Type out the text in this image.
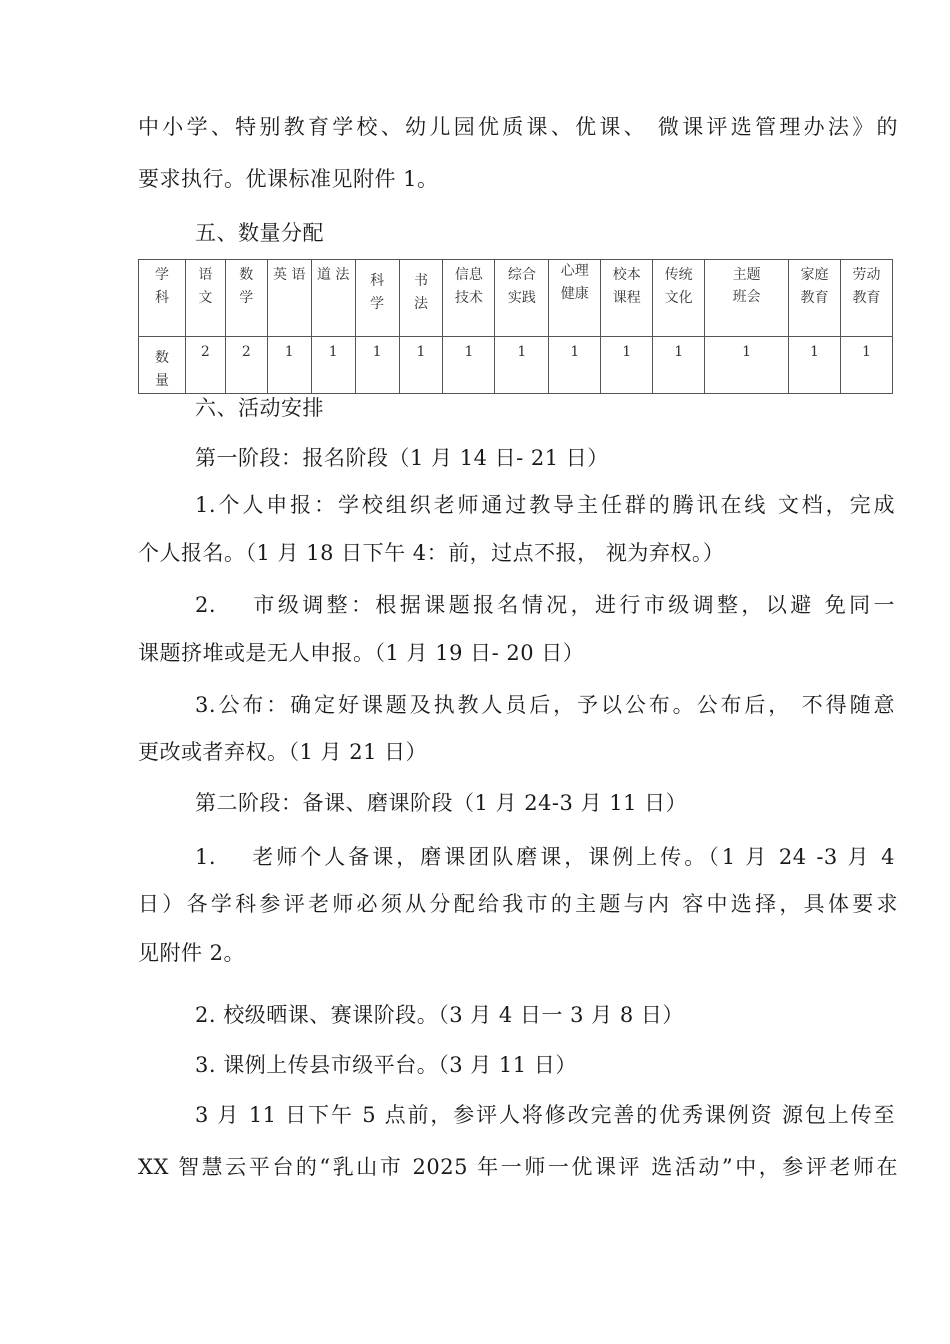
中小学、特别教育学校、幼儿园优质课、优课、 微课评选管理办法》的
要求执行。优课标准见附件 1。
五、数量分配
学科	语文	数学	英 语	道 法	科学	书法	信息技术	综合实践	心理健康	校本课程	传统文化	主题 班会	家庭教育	劳动教育
数量	2	2	1	1	1	1	1	1	1	1	1	1	1	1
六、活动安排
第一阶段：报名阶段（1 月 14 日- 21 日）
1.个人申报：学校组织老师通过教导主任群的腾讯在线 文档，完成
个人报名。（1 月 18 日下午 4：前，过点不报， 视为弃权。）
2.　 市级调整：根据课题报名情况，进行市级调整，以避 免同一
课题挤堆或是无人申报。（1 月 19 日- 20 日）
3.公布：确定好课题及执教人员后，予以公布。公布后， 不得随意
更改或者弃权。（1 月 21 日）
第二阶段：备课、磨课阶段（1 月 24-3 月 11 日）
1.　 老师个人备课，磨课团队磨课，课例上传。（1 月 24 -3 月 4
日）各学科参评老师必须从分配给我市的主题与内 容中选择，具体要求
见附件 2。
2. 校级晒课、赛课阶段。（3 月 4 日一 3 月 8 日）
3. 课例上传县市级平台。（3 月 11 日）
3 月 11 日下午 5 点前，参评人将修改完善的优秀课例资 源包上传至
XX 智慧云平台的“乳山市 2025 年一师一优课评 选活动”中，参评老师在
